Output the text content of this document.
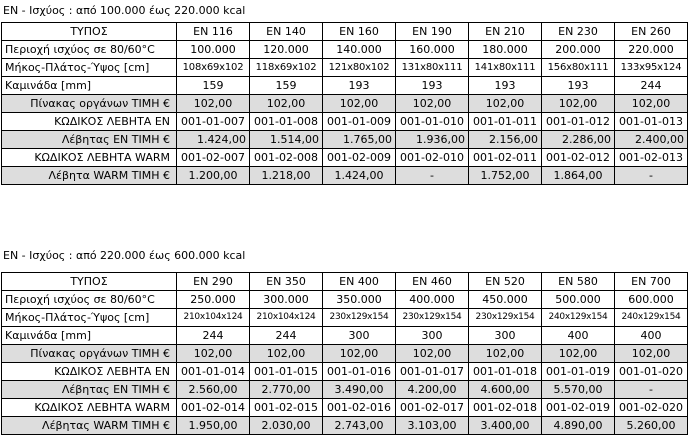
EN - Ισχύος : από 100.000 έως 220.000 kcal
ΤΥΠΟΣ	EN 116	EN 140	EN 160	EN 190	EN 210	EN 230	EN 260
Περιοχή ισχύος σε 80/60°C	100.000	120.000	140.000	160.000	180.000	200.000	220.000
Μήκος-Πλάτος-Ύψος [cm]	108x69x102	118x69x102	121x80x102	131x80x111	141x80x111	156x80x111	133x95x124
Καμινάδα [mm]	159	159	193	193	193	193	244
Πίνακας οργάνων ΤΙΜΗ €	102,00	102,00	102,00	102,00	102,00	102,00	102,00
ΚΩΔΙΚΟΣ ΛΕΒΗΤΑ EN	001-01-007	001-01-008	001-01-009	001-01-010	001-01-011	001-01-012	001-01-013
Λέβητας EN ΤΙΜΗ €	1.424,00	1.514,00	1.765,00	1.936,00	2.156,00	2.286,00	2.400,00
ΚΩΔΙΚΟΣ ΛΕΒΗΤΑ WARM	001-02-007	001-02-008	001-02-009	001-02-010	001-02-011	001-02-012	001-02-013
Λέβητα WARM ΤΙΜΗ €	1.200,00	1.218,00	1.424,00	-	1.752,00	1.864,00	-
EN - Ισχύος : από 220.000 έως 600.000 kcal
ΤΥΠΟΣ	EN 290	EN 350	EN 400	EN 460	EN 520	EN 580	EN 700
Περιοχή ισχύος σε 80/60°C	250.000	300.000	350.000	400.000	450.000	500.000	600.000
Μήκος-Πλάτος-Ύψος [cm]	210x104x124	210x104x124	230x129x154	230x129x154	230x129x154	240x129x154	240x129x154
Καμινάδα [mm]	244	244	300	300	300	400	400
Πίνακας οργάνων ΤΙΜΗ €	102,00	102,00	102,00	102,00	102,00	102,00	102,00
ΚΩΔΙΚΟΣ ΛΕΒΗΤΑ EN	001-01-014	001-01-015	001-01-016	001-01-017	001-01-018	001-01-019	001-01-020
Λέβητας EN ΤΙΜΗ €	2.560,00	2.770,00	3.490,00	4.200,00	4.600,00	5.570,00	-
ΚΩΔΙΚΟΣ ΛΕΒΗΤΑ WARM	001-02-014	001-02-015	001-02-016	001-02-017	001-02-018	001-02-019	001-02-020
Λέβητας WARM ΤΙΜΗ €	1.950,00	2.030,00	2.743,00	3.103,00	3.400,00	4.890,00	5.260,00
